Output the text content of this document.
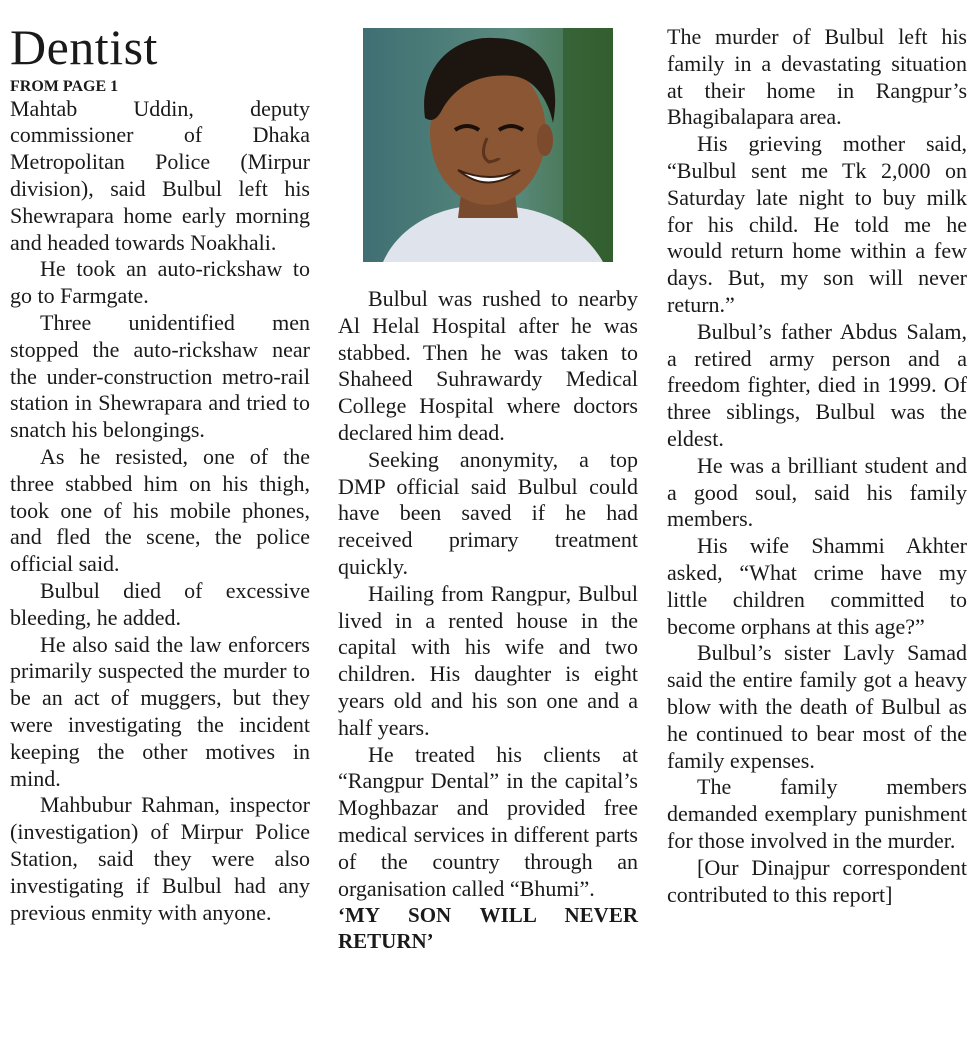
Dentist
FROM PAGE 1

Mahtab Uddin, deputy commissioner of Dhaka Metropolitan Police (Mirpur division), said Bulbul left his Shewrapara home early morning and headed towards Noakhali.

He took an auto-rickshaw to go to Farmgate.

Three unidentified men stopped the auto-rickshaw near the under-construction metro-rail station in Shewrapara and tried to snatch his belongings.

As he resisted, one of the three stabbed him on his thigh, took one of his mobile phones, and fled the scene, the police official said.

Bulbul died of excessive bleeding, he added.

He also said the law enforcers primarily suspected the murder to be an act of muggers, but they were investigating the incident keeping the other motives in mind.

Mahbubur Rahman, inspector (investigation) of Mirpur Police Station, said they were also investigating if Bulbul had any previous enmity with anyone.

Bulbul was rushed to nearby Al Helal Hospital after he was stabbed. Then he was taken to Shaheed Suhrawardy Medical College Hospital where doctors declared him dead.

Seeking anonymity, a top DMP official said Bulbul could have been saved if he had received primary treatment quickly.

Hailing from Rangpur, Bulbul lived in a rented house in the capital with his wife and two children. His daughter is eight years old and his son one and a half years.

He treated his clients at “Rangpur Dental” in the capital’s Moghbazar and provided free medical services in different parts of the country through an organisation called “Bhumi”.

‘MY SON WILL NEVER RETURN’

The murder of Bulbul left his family in a devastating situation at their home in Rangpur’s Bhagibalapara area.

His grieving mother said, “Bulbul sent me Tk 2,000 on Saturday late night to buy milk for his child. He told me he would return home within a few days. But, my son will never return.”

Bulbul’s father Abdus Salam, a retired army person and a freedom fighter, died in 1999. Of three siblings, Bulbul was the eldest.

He was a brilliant student and a good soul, said his family members.

His wife Shammi Akhter asked, “What crime have my little children committed to become orphans at this age?”

Bulbul’s sister Lavly Samad said the entire family got a heavy blow with the death of Bulbul as he continued to bear most of the family expenses.

The family members demanded exemplary punishment for those involved in the murder.

[Our Dinajpur correspondent contributed to this report]
